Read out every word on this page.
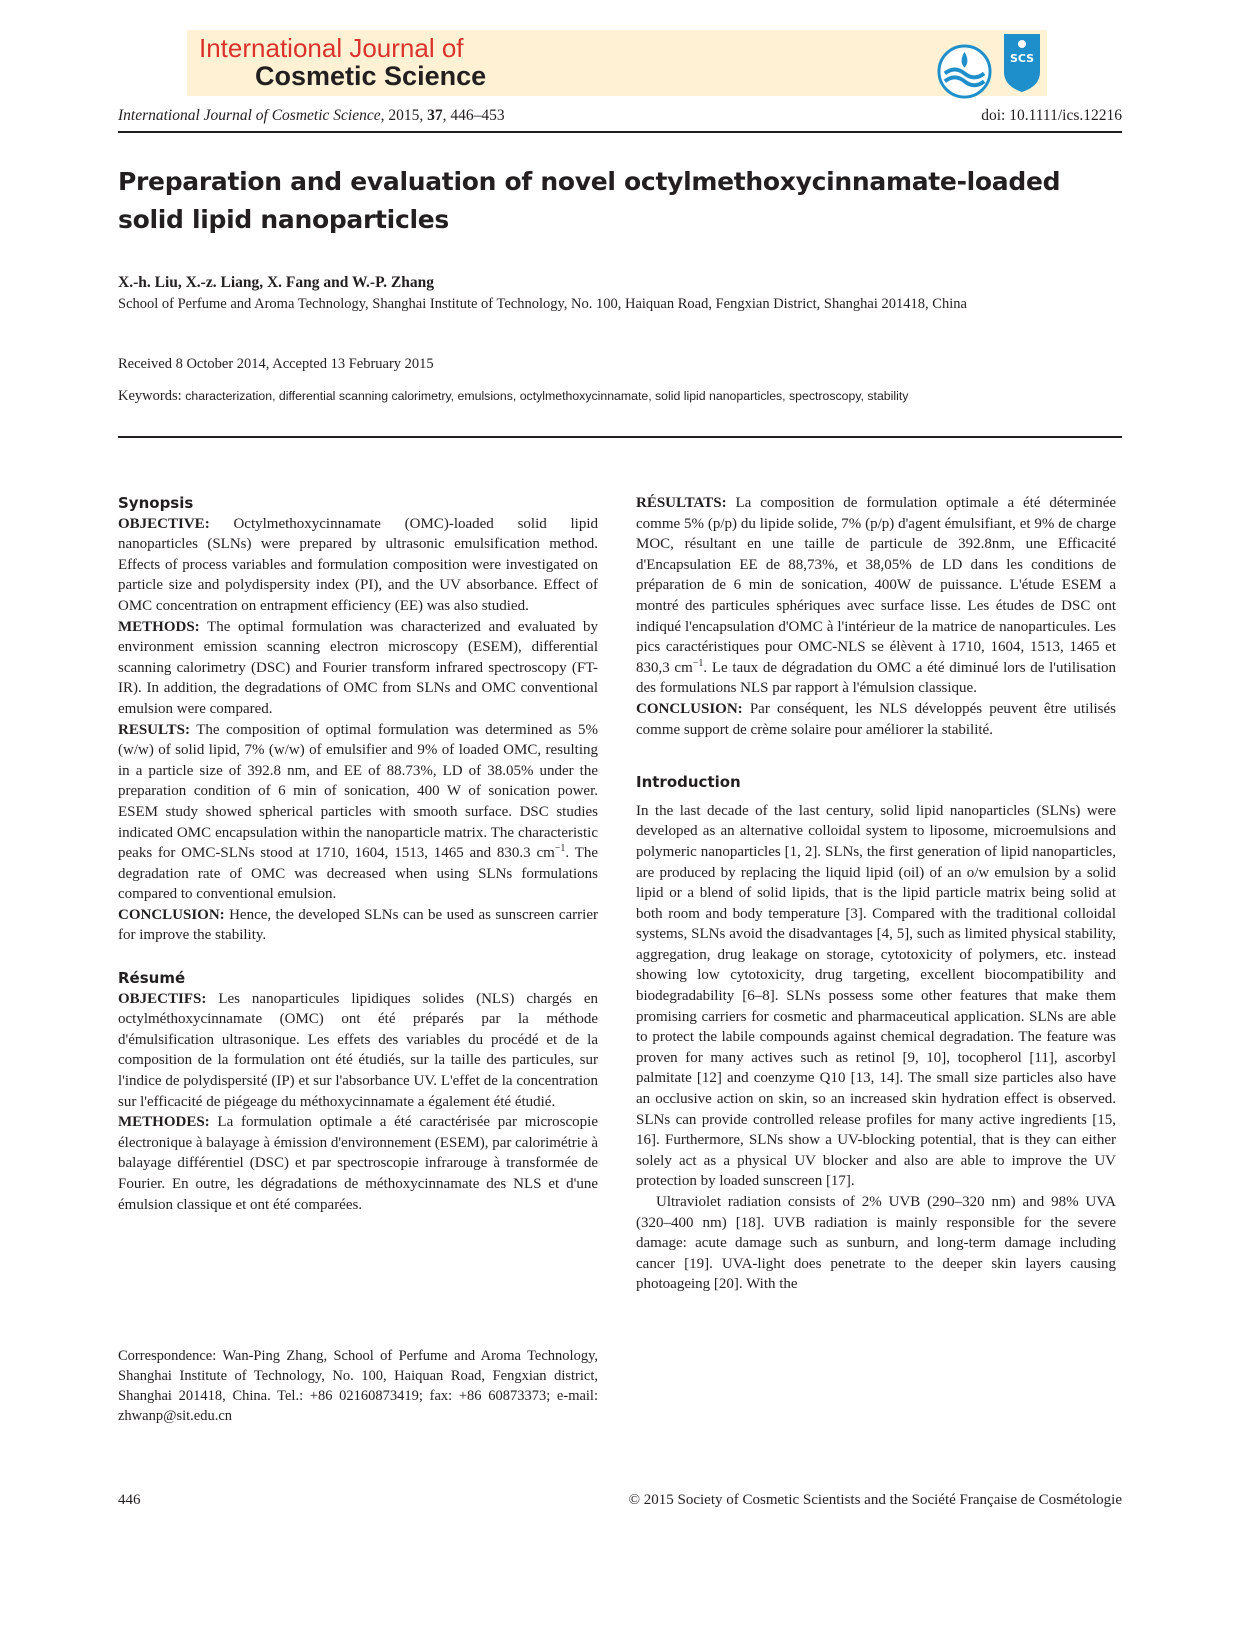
International Journal of
Cosmetic Science
SCS
International Journal of Cosmetic Science, 2015, 37, 446–453	doi: 10.1111/ics.12216
Preparation and evaluation of novel octylmethoxycinnamate-loaded solid lipid nanoparticles
X.-h. Liu, X.-z. Liang, X. Fang and W.-P. Zhang
School of Perfume and Aroma Technology, Shanghai Institute of Technology, No. 100, Haiquan Road, Fengxian District, Shanghai 201418, China
Received 8 October 2014, Accepted 13 February 2015
Keywords: characterization, differential scanning calorimetry, emulsions, octylmethoxycinnamate, solid lipid nanoparticles, spectroscopy, stability
Synopsis

OBJECTIVE: Octylmethoxycinnamate (OMC)-loaded solid lipid nanoparticles (SLNs) were prepared by ultrasonic emulsification method. Effects of process variables and formulation composition were investigated on particle size and polydispersity index (PI), and the UV absorbance. Effect of OMC concentration on entrapment efficiency (EE) was also studied.

METHODS: The optimal formulation was characterized and evaluated by environment emission scanning electron microscopy (ESEM), differential scanning calorimetry (DSC) and Fourier transform infrared spectroscopy (FT-IR). In addition, the degradations of OMC from SLNs and OMC conventional emulsion were compared.

RESULTS: The composition of optimal formulation was determined as 5% (w/w) of solid lipid, 7% (w/w) of emulsifier and 9% of loaded OMC, resulting in a particle size of 392.8 nm, and EE of 88.73%, LD of 38.05% under the preparation condition of 6 min of sonication, 400 W of sonication power. ESEM study showed spherical particles with smooth surface. DSC studies indicated OMC encapsulation within the nanoparticle matrix. The characteristic peaks for OMC-SLNs stood at 1710, 1604, 1513, 1465 and 830.3 $cm^{-1}$. The degradation rate of OMC was decreased when using SLNs formulations compared to conventional emulsion.

CONCLUSION: Hence, the developed SLNs can be used as sunscreen carrier for improve the stability.

Résumé

OBJECTIFS: Les nanoparticules lipidiques solides (NLS) chargés en octylméthoxycinnamate (OMC) ont été préparés par la méthode d'émulsification ultrasonique. Les effets des variables du procédé et de la composition de la formulation ont été étudiés, sur la taille des particules, sur l'indice de polydispersité (IP) et sur l'absorbance UV. L'effet de la concentration sur l'efficacité de piégeage du méthoxycinnamate a également été étudié.

METHODES: La formulation optimale a été caractérisée par microscopie électronique à balayage à émission d'environnement (ESEM), par calorimétrie à balayage différentiel (DSC) et par spectroscopie infrarouge à transformée de Fourier. En outre, les dégradations de méthoxycinnamate des NLS et d'une émulsion classique et ont été comparées.

Correspondence: Wan-Ping Zhang, School of Perfume and Aroma Technology, Shanghai Institute of Technology, No. 100, Haiquan Road, Fengxian district, Shanghai 201418, China. Tel.: +86 02160873419; fax: +86 60873373; e-mail: zhwanp@sit.edu.cn

RÉSULTATS: La composition de formulation optimale a été déterminée comme 5% (p/p) du lipide solide, 7% (p/p) d'agent émulsifiant, et 9% de charge MOC, résultant en une taille de particule de 392.8nm, une Efficacité d'Encapsulation EE de 88,73%, et 38,05% de LD dans les conditions de préparation de 6 min de sonication, 400W de puissance. L'étude ESEM a montré des particules sphériques avec surface lisse. Les études de DSC ont indiqué l'encapsulation d'OMC à l'intérieur de la matrice de nanoparticules. Les pics caractéristiques pour OMC-NLS se élèvent à 1710, 1604, 1513, 1465 et 830,3 $cm^{-1}$. Le taux de dégradation du OMC a été diminué lors de l'utilisation des formulations NLS par rapport à l'émulsion classique.

CONCLUSION: Par conséquent, les NLS développés peuvent être utilisés comme support de crème solaire pour améliorer la stabilité.

Introduction

In the last decade of the last century, solid lipid nanoparticles (SLNs) were developed as an alternative colloidal system to liposome, microemulsions and polymeric nanoparticles [1, 2]. SLNs, the first generation of lipid nanoparticles, are produced by replacing the liquid lipid (oil) of an o/w emulsion by a solid lipid or a blend of solid lipids, that is the lipid particle matrix being solid at both room and body temperature [3]. Compared with the traditional colloidal systems, SLNs avoid the disadvantages [4, 5], such as limited physical stability, aggregation, drug leakage on storage, cytotoxicity of polymers, etc. instead showing low cytotoxicity, drug targeting, excellent biocompatibility and biodegradability [6–8]. SLNs possess some other features that make them promising carriers for cosmetic and pharmaceutical application. SLNs are able to protect the labile compounds against chemical degradation. The feature was proven for many actives such as retinol [9, 10], tocopherol [11], ascorbyl palmitate [12] and coenzyme Q10 [13, 14]. The small size particles also have an occlusive action on skin, so an increased skin hydration effect is observed. SLNs can provide controlled release profiles for many active ingredients [15, 16]. Furthermore, SLNs show a UV-blocking potential, that is they can either solely act as a physical UV blocker and also are able to improve the UV protection by loaded sunscreen [17].

Ultraviolet radiation consists of 2% UVB (290–320 nm) and 98% UVA (320–400 nm) [18]. UVB radiation is mainly responsible for the severe damage: acute damage such as sunburn, and long-term damage including cancer [19]. UVA-light does penetrate to the deeper skin layers causing photoageing [20]. With the

446	© 2015 Society of Cosmetic Scientists and the Société Française de Cosmétologie
